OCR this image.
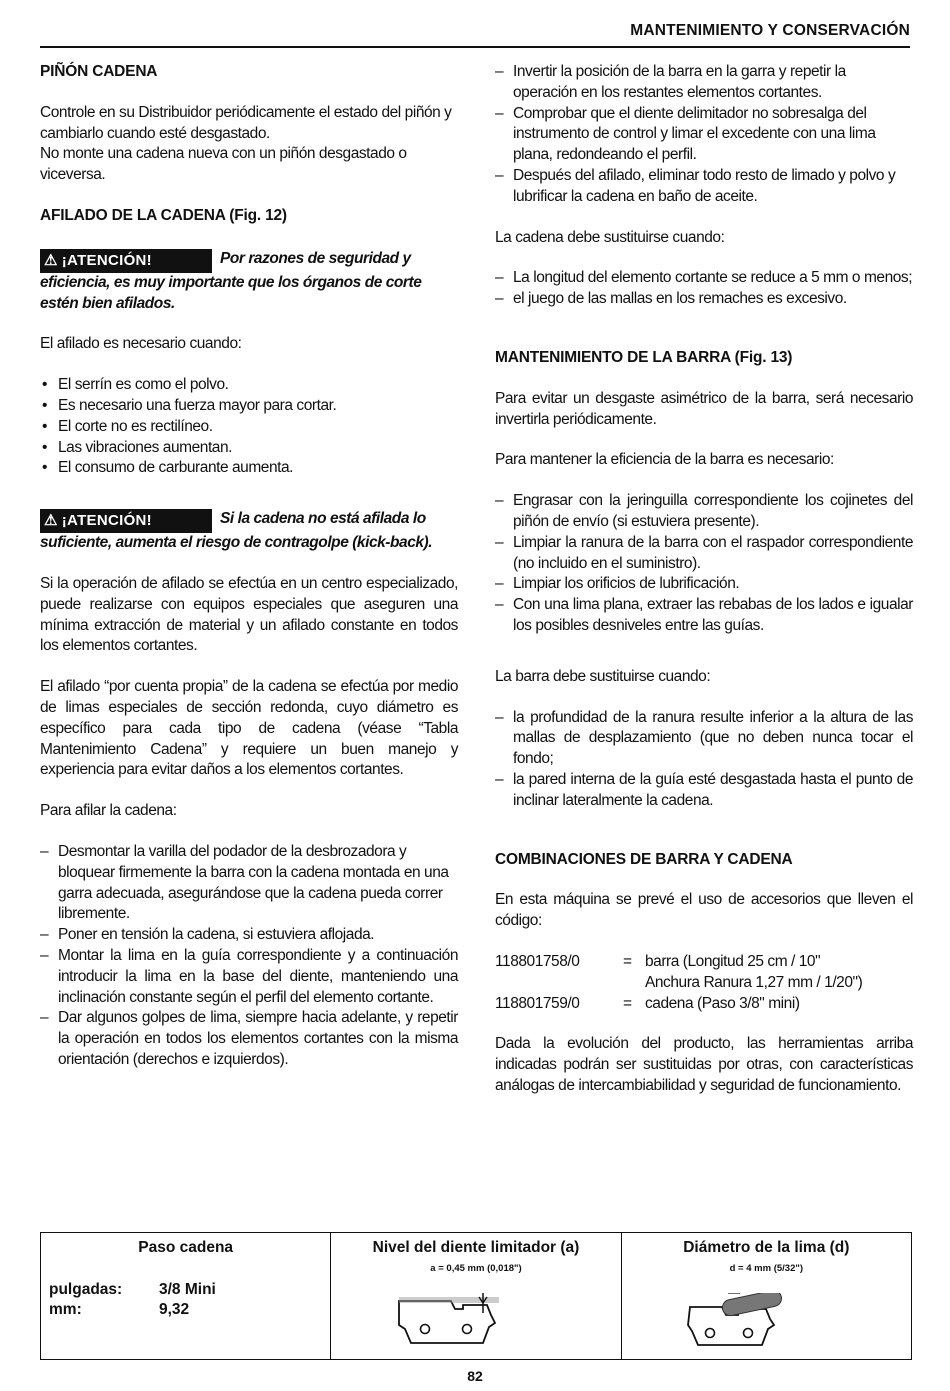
MANTENIMIENTO Y CONSERVACIÓN
PIÑÓN CADENA

Controle en su Distribuidor periódicamente el estado del piñón y cambiarlo cuando esté desgastado.

No monte una cadena nueva con un piñón desgastado o viceversa.

AFILADO DE LA CADENA (Fig. 12)
⚠ ¡ATENCIÓN!	Por razones de seguridad y eficiencia, es muy importante que los órganos de corte estén bien afilados.

El afilado es necesario cuando:

• El serrín es como el polvo.
• Es necesario una fuerza mayor para cortar.
• El corte no es rectilíneo.
• Las vibraciones aumentan.
• El consumo de carburante aumenta.
⚠ ¡ATENCIÓN!	Si la cadena no está afilada lo suficiente, aumenta el riesgo de contragolpe (kick-back).

Si la operación de afilado se efectúa en un centro especializado, puede realizarse con equipos especiales que aseguren una mínima extracción de material y un afilado constante en todos los elementos cortantes.

El afilado “por cuenta propia” de la cadena se efectúa por medio de limas especiales de sección redonda, cuyo diámetro es específico para cada tipo de cadena (véase “Tabla Mantenimiento Cadena” y requiere un buen manejo y experiencia para evitar daños a los elementos cortantes.

Para afilar la cadena:

– Desmontar la varilla del podador de la desbrozadora y bloquear firmemente la barra con la cadena montada en una garra adecuada, asegurándose que la cadena pueda correr libremente.
– Poner en tensión la cadena, si estuviera aflojada.
– Montar la lima en la guía correspondiente y a continuación introducir la lima en la base del diente, manteniendo una inclinación constante según el perfil del elemento cortante.
– Dar algunos golpes de lima, siempre hacia adelante, y repetir la operación en todos los elementos cortantes con la misma orientación (derechos e izquierdos).
– Invertir la posición de la barra en la garra y repetir la operación en los restantes elementos cortantes.
– Comprobar que el diente delimitador no sobresalga del instrumento de control y limar el excedente con una lima plana, redondeando el perfil.
– Después del afilado, eliminar todo resto de limado y polvo y lubrificar la cadena en baño de aceite.

La cadena debe sustituirse cuando:

– La longitud del elemento cortante se reduce a 5 mm o menos;
– el juego de las mallas en los remaches es excesivo.
MANTENIMIENTO DE LA BARRA (Fig. 13)

Para evitar un desgaste asimétrico de la barra, será necesario invertirla periódicamente.

Para mantener la eficiencia de la barra es necesario:

– Engrasar con la jeringuilla correspondiente los cojinetes del piñón de envío (si estuviera presente).
– Limpiar la ranura de la barra con el raspador correspondiente (no incluido en el suministro).
– Limpiar los orificios de lubrificación.
– Con una lima plana, extraer las rebabas de los lados e igualar los posibles desniveles entre las guías.

La barra debe sustituirse cuando:

– la profundidad de la ranura resulte inferior a la altura de las mallas de desplazamiento (que no deben nunca tocar el fondo;
– la pared interna de la guía esté desgastada hasta el punto de inclinar lateralmente la cadena.
COMBINACIONES DE BARRA Y CADENA

En esta máquina se prevé el uso de accesorios que lleven el código:

118801758/0	= barra (Longitud 25 cm / 10"
Anchura Ranura 1,27 mm / 1/20")
118801759/0	= cadena (Paso 3/8" mini)

Dada la evolución del producto, las herramientas arriba indicadas podrán ser sustituidas por otras, con características análogas de intercambiabilidad y seguridad de funcionamiento.

Paso cadena
pulgadas: 3/8 Mini
mm:	9,32
Nivel del diente limitador (a)
a = 0,45 mm (0,018")
Diámetro de la lima (d)
d = 4 mm (5/32")
82
